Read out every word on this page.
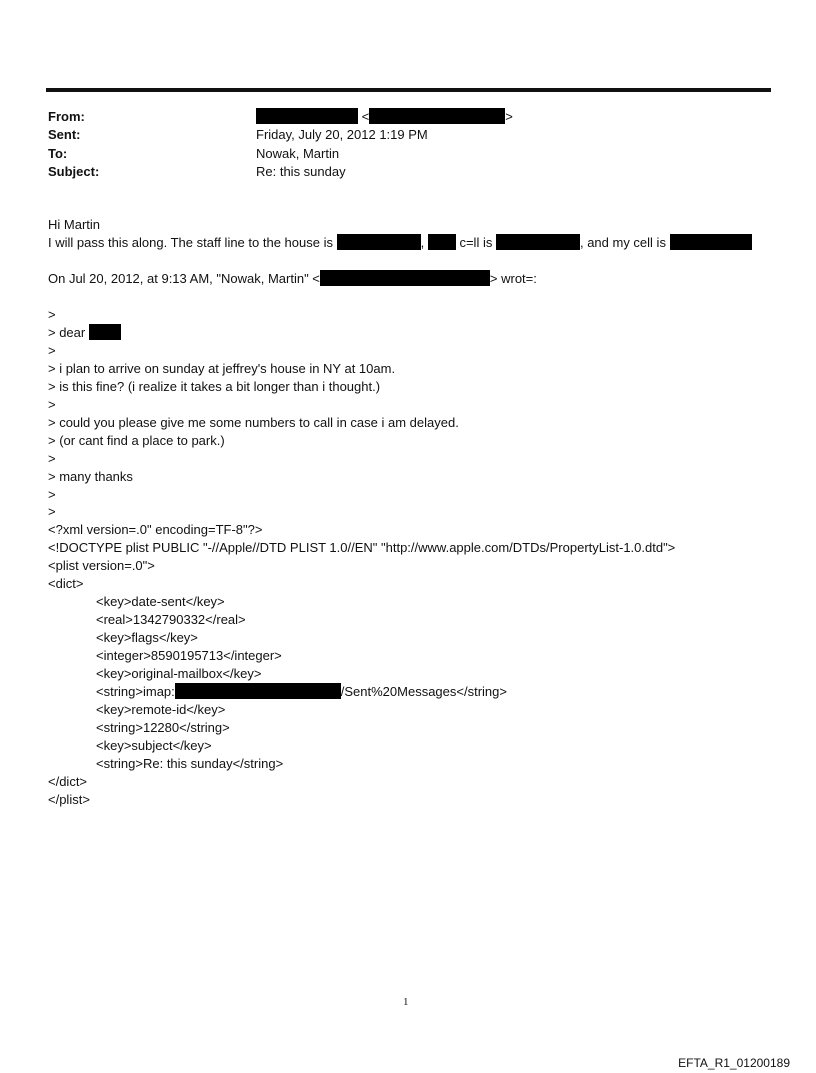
From:	<	>
Sent:	Friday, July 20, 2012 1:19 PM
To:	Nowak, Martin
Subject:	Re: this sunday
Hi Martin
I will pass this along. The staff line to the house is	,	c=ll is	, and my cell is
On Jul 20, 2012, at 9:13 AM, "Nowak, Martin" <	> wrot=:
>
> dear
>
> i plan to arrive on sunday at jeffrey's house in NY at 10am.
> is this fine? (i realize it takes a bit longer than i thought.)
>
> could you please give me some numbers to call in case i am delayed.
> (or cant find a place to park.)
>
> many thanks
>
>
<?xml version=.0" encoding=TF-8"?>
<!DOCTYPE plist PUBLIC "-//Apple//DTD PLIST 1.0//EN" "http://www.apple.com/DTDs/PropertyList-1.0.dtd">
<plist version=.0">
<dict>
<key>date-sent</key>
<real>1342790332</real>
<key>flags</key>
<integer>8590195713</integer>
<key>original-mailbox</key>
<string>imap:	/Sent%20Messages</string>
<key>remote-id</key>
<string>12280</string>
<key>subject</key>
<string>Re: this sunday</string>
</dict>
</plist>
1
EFTA_R1_01200189
